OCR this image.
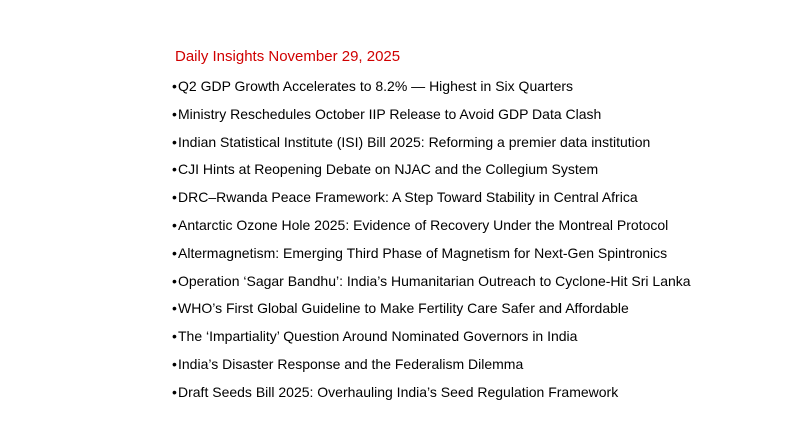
Daily Insights November 29, 2025
•Q2 GDP Growth Accelerates to 8.2% — Highest in Six Quarters
•Ministry Reschedules October IIP Release to Avoid GDP Data Clash
•Indian Statistical Institute (ISI) Bill 2025: Reforming a premier data institution
•CJI Hints at Reopening Debate on NJAC and the Collegium System
•DRC–Rwanda Peace Framework: A Step Toward Stability in Central Africa
•Antarctic Ozone Hole 2025: Evidence of Recovery Under the Montreal Protocol
•Altermagnetism: Emerging Third Phase of Magnetism for Next-Gen Spintronics
•Operation ‘Sagar Bandhu’: India’s Humanitarian Outreach to Cyclone-Hit Sri Lanka
•WHO’s First Global Guideline to Make Fertility Care Safer and Affordable
•The ‘Impartiality’ Question Around Nominated Governors in India
•India’s Disaster Response and the Federalism Dilemma
•Draft Seeds Bill 2025: Overhauling India’s Seed Regulation Framework
